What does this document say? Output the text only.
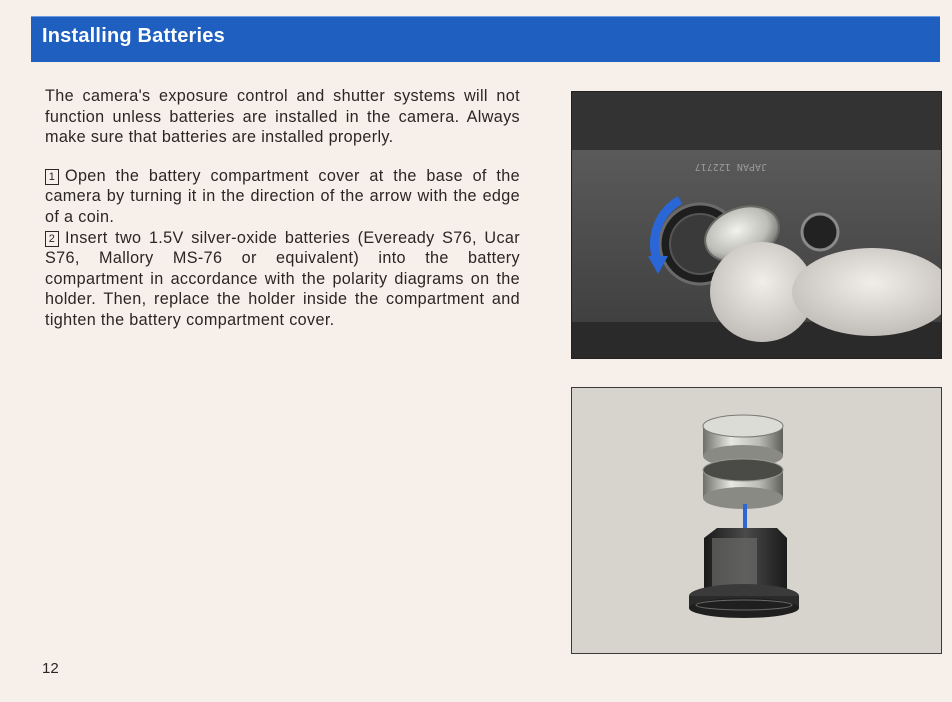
Installing Batteries

The camera's exposure control and shutter systems will not function unless batteries are installed in the camera. Always make sure that batteries are installed properly.

1 Open the battery compartment cover at the base of the camera by turning it in the direction of the arrow with the edge of a coin.

2 Insert two 1.5V silver-oxide batteries (Eveready S76, Ucar S76, Mallory MS-76 or equivalent) into the battery compartment in accordance with the polarity diagrams on the holder. Then, replace the holder inside the compartment and tighten the battery compartment cover.

JAPAN 122717
12
